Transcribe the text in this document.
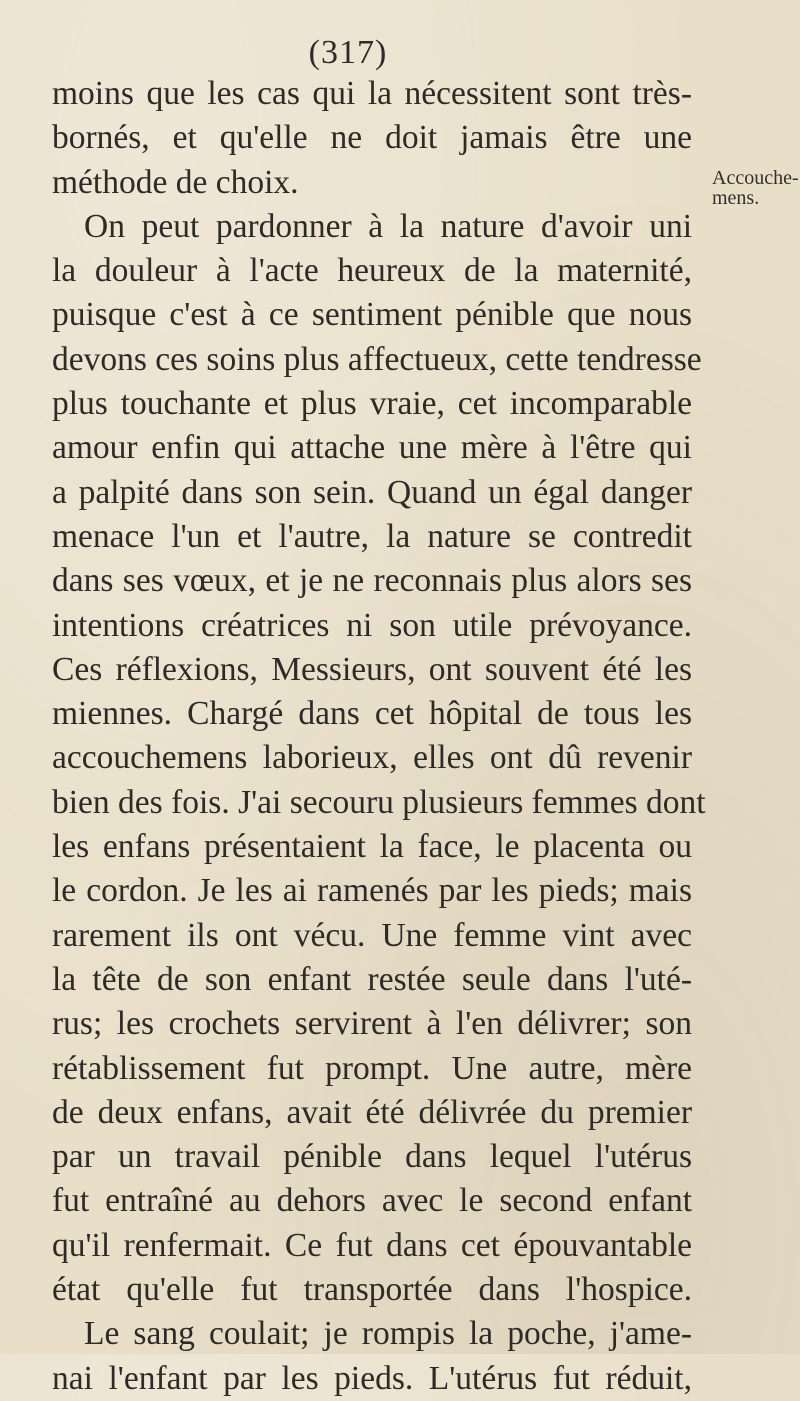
(317)
moins que les cas qui la nécessitent sont très-
bornés, et qu'elle ne doit jamais être une
méthode de choix.
On peut pardonner à la nature d'avoir uni
la douleur à l'acte heureux de la maternité,
puisque c'est à ce sentiment pénible que nous
devons ces soins plus affectueux, cette tendresse
plus touchante et plus vraie, cet incomparable
amour enfin qui attache une mère à l'être qui
a palpité dans son sein. Quand un égal danger
menace l'un et l'autre, la nature se contredit
dans ses vœux, et je ne reconnais plus alors ses
intentions créatrices ni son utile prévoyance.
Ces réflexions, Messieurs, ont souvent été les
miennes. Chargé dans cet hôpital de tous les
accouchemens laborieux, elles ont dû revenir
bien des fois. J'ai secouru plusieurs femmes dont
les enfans présentaient la face, le placenta ou
le cordon. Je les ai ramenés par les pieds; mais
rarement ils ont vécu. Une femme vint avec
la tête de son enfant restée seule dans l'uté-
rus; les crochets servirent à l'en délivrer; son
rétablissement fut prompt. Une autre, mère
de deux enfans, avait été délivrée du premier
par un travail pénible dans lequel l'utérus
fut entraîné au dehors avec le second enfant
qu'il renfermait. Ce fut dans cet épouvantable
état qu'elle fut transportée dans l'hospice.
Le sang coulait; je rompis la poche, j'ame-
nai l'enfant par les pieds. L'utérus fut réduit,
Accouche-
mens.
